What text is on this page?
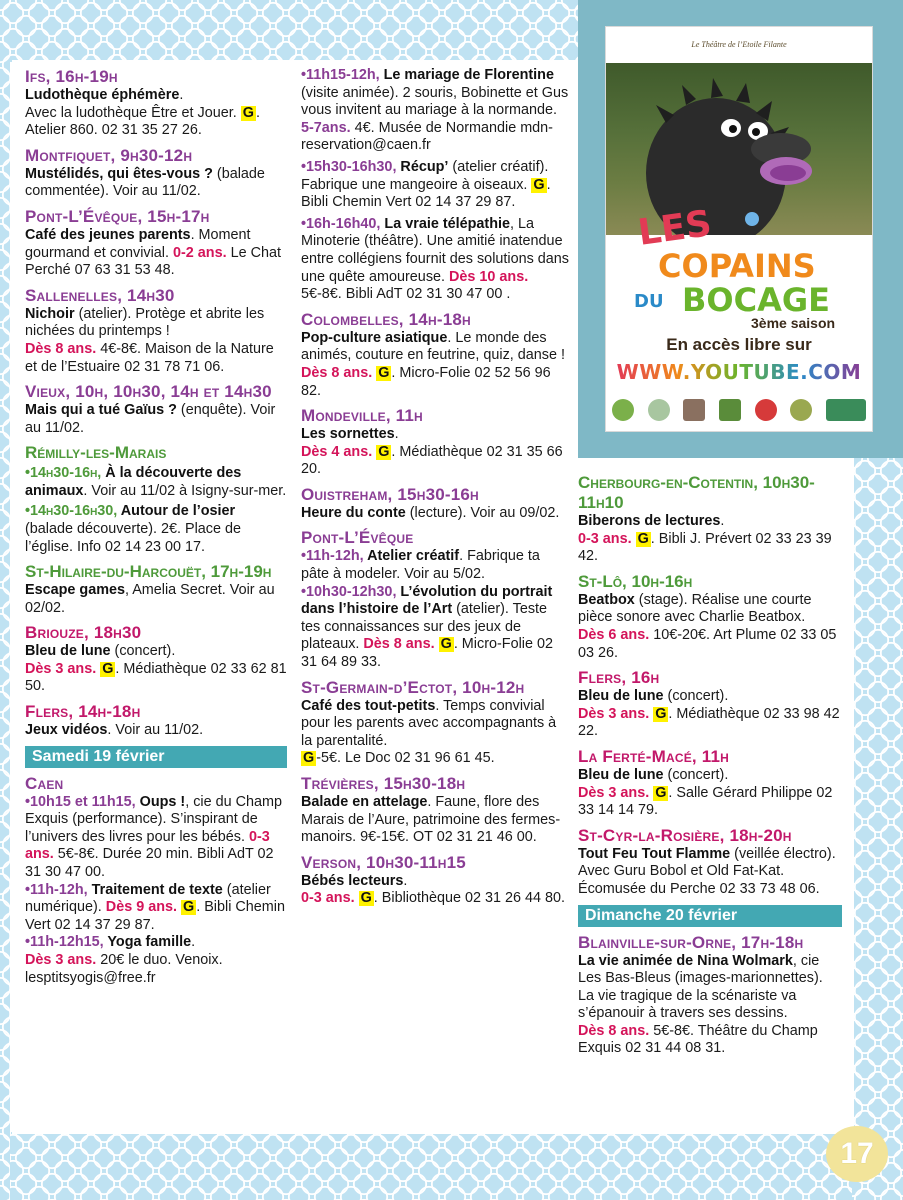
Le Théâtre de l’Etoile Filante
LES
COPAINS
DU BOCAGE
3ème saison
En accès libre sur
WWW.YOUTUBE.COM
Ifs, 16h-19h
Ludothèque éphémère.
Avec la ludothèque Être et Jouer. G . Atelier 860. 02 31 35 27 26.
Montfiquet, 9h30-12h
Mustélidés, qui êtes-vous ? (balade commentée). Voir au 11/02.
Pont-L’Évêque, 15h-17h
Café des jeunes parents. Moment gourmand et convivial. 0-2 ans. Le Chat Perché 07 63 31 53 48.
Sallenelles, 14h30
Nichoir (atelier). Protège et abrite les nichées du printemps !
Dès 8 ans. 4€-8€. Maison de la Nature et de l’Estuaire 02 31 78 71 06.
Vieux, 10h, 10h30, 14h et 14h30
Mais qui a tué Gaïus ? (enquête). Voir au 11/02.
Rémilly-les-Marais
•14h30-16h, À la découverte des animaux. Voir au 11/02 à Isigny-sur-mer.
•14h30-16h30, Autour de l’osier (balade découverte). 2€. Place de l’église. Info 02 14 23 00 17.
St-Hilaire-du-Harcouët, 17h-19h
Escape games, Amelia Secret. Voir au 02/02.
Briouze, 18h30
Bleu de lune (concert).
Dès 3 ans. G . Médiathèque 02 33 62 81 50.
Flers, 14h-18h
Jeux vidéos. Voir au 11/02.
Samedi 19 février
Caen
•10h15 et 11h15, Oups !, cie du Champ Exquis (performance). S’inspirant de l’univers des livres pour les bébés. 0-3 ans. 5€-8€. Durée 20 min. Bibli AdT 02 31 30 47 00.
•11h-12h, Traitement de texte (atelier numérique). Dès 9 ans. G . Bibli Chemin Vert 02 14 37 29 87.
•11h-12h15, Yoga famille.
Dès 3 ans. 20€ le duo. Venoix. lesptitsyogis@free.fr
•11h15-12h, Le mariage de Florentine (visite animée). 2 souris, Bobinette et Gus vous invitent au mariage à la normande. 5-7ans. 4€. Musée de Normandie mdn-reservation@caen.fr
•15h30-16h30, Récup’ (atelier créatif). Fabrique une mangeoire à oiseaux. G . Bibli Chemin Vert 02 14 37 29 87.
•16h-16h40, La vraie télépathie, La Minoterie (théâtre). Une amitié inatendue entre collégiens fournit des solutions dans une quête amoureuse. Dès 10 ans. 5€-8€. Bibli AdT 02 31 30 47 00 .
Colombelles, 14h-18h
Pop-culture asiatique. Le monde des animés, couture en feutrine, quiz, danse !
Dès 8 ans. G . Micro-Folie 02 52 56 96 82.
Mondeville, 11h
Les sornettes.
Dès 4 ans. G . Médiathèque 02 31 35 66 20.
Ouistreham, 15h30-16h
Heure du conte (lecture). Voir au 09/02.
Pont-L’Évêque
•11h-12h, Atelier créatif. Fabrique ta pâte à modeler. Voir au 5/02.
•10h30-12h30, L’évolution du portrait dans l’histoire de l’Art (atelier). Teste tes connaissances sur des jeux de plateaux. Dès 8 ans. G . Micro-Folie 02 31 64 89 33.
St-Germain-d’Ectot, 10h-12h
Café des tout-petits. Temps convivial pour les parents avec accompagnants à la parentalité.
G -5€. Le Doc 02 31 96 61 45.
Trévières, 15h30-18h
Balade en attelage. Faune, flore des Marais de l’Aure, patrimoine des fermes-manoirs. 9€-15€. OT 02 31 21 46 00.
Verson, 10h30-11h15
Bébés lecteurs.
0-3 ans. G . Bibliothèque 02 31 26 44 80.
Cherbourg-en-Cotentin, 10h30-11h10
Biberons de lectures.
0-3 ans. G . Bibli J. Prévert 02 33 23 39 42.
St-Lô, 10h-16h
Beatbox (stage). Réalise une courte pièce sonore avec Charlie Beatbox.
Dès 6 ans. 10€-20€. Art Plume 02 33 05 03 26.
Flers, 16h
Bleu de lune (concert).
Dès 3 ans. G . Médiathèque 02 33 98 42 22.
La Ferté-Macé, 11h
Bleu de lune (concert).
Dès 3 ans. G . Salle Gérard Philippe 02 33 14 14 79.
St-Cyr-la-Rosière, 18h-20h
Tout Feu Tout Flamme (veillée électro). Avec Guru Bobol et Old Fat-Kat. Écomusée du Perche 02 33 73 48 06.
Dimanche 20 février
Blainville-sur-Orne, 17h-18h
La vie animée de Nina Wolmark, cie Les Bas-Bleus (images-marionnettes). La vie tragique de la scénariste va s’épanouir à travers ses dessins.
Dès 8 ans. 5€-8€. Théâtre du Champ Exquis 02 31 44 08 31.
17
